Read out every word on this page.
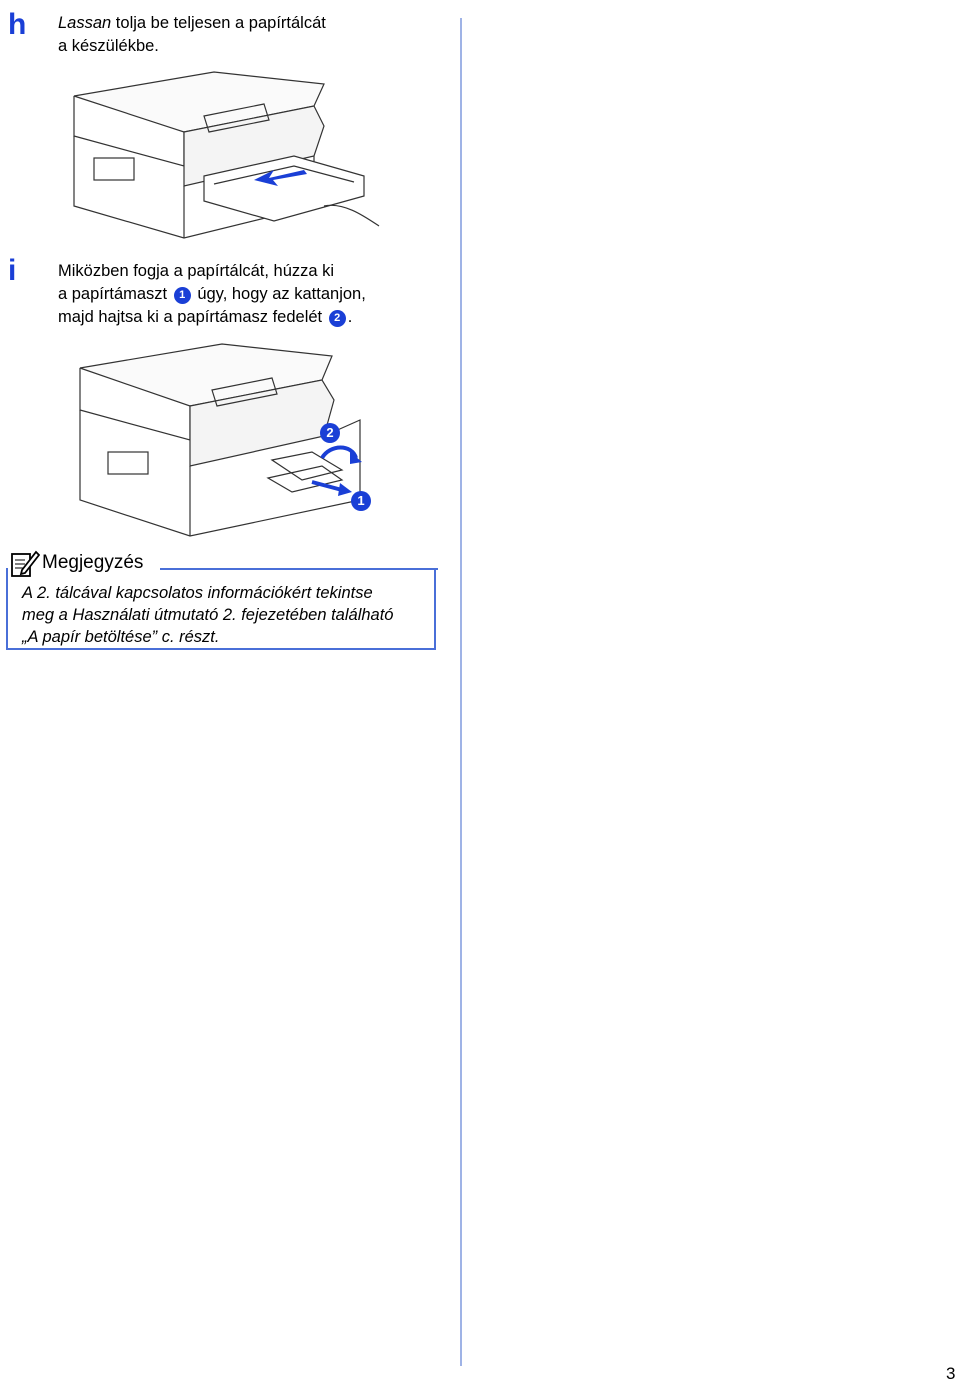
h Lassan tolja be teljesen a papírtálcát
a készülékbe.
i	Miközben fogja a papírtálcát, húzza ki
a papírtámaszt 1 úgy, hogy az kattanjon,
majd hajtsa ki a papírtámasz fedelét 2 .
2
1
Megjegyzés
A 2. tálcával kapcsolatos információkért tekintse
meg a Használati útmutató 2. fejezetében található
„A papír betöltése” c. részt.
3
